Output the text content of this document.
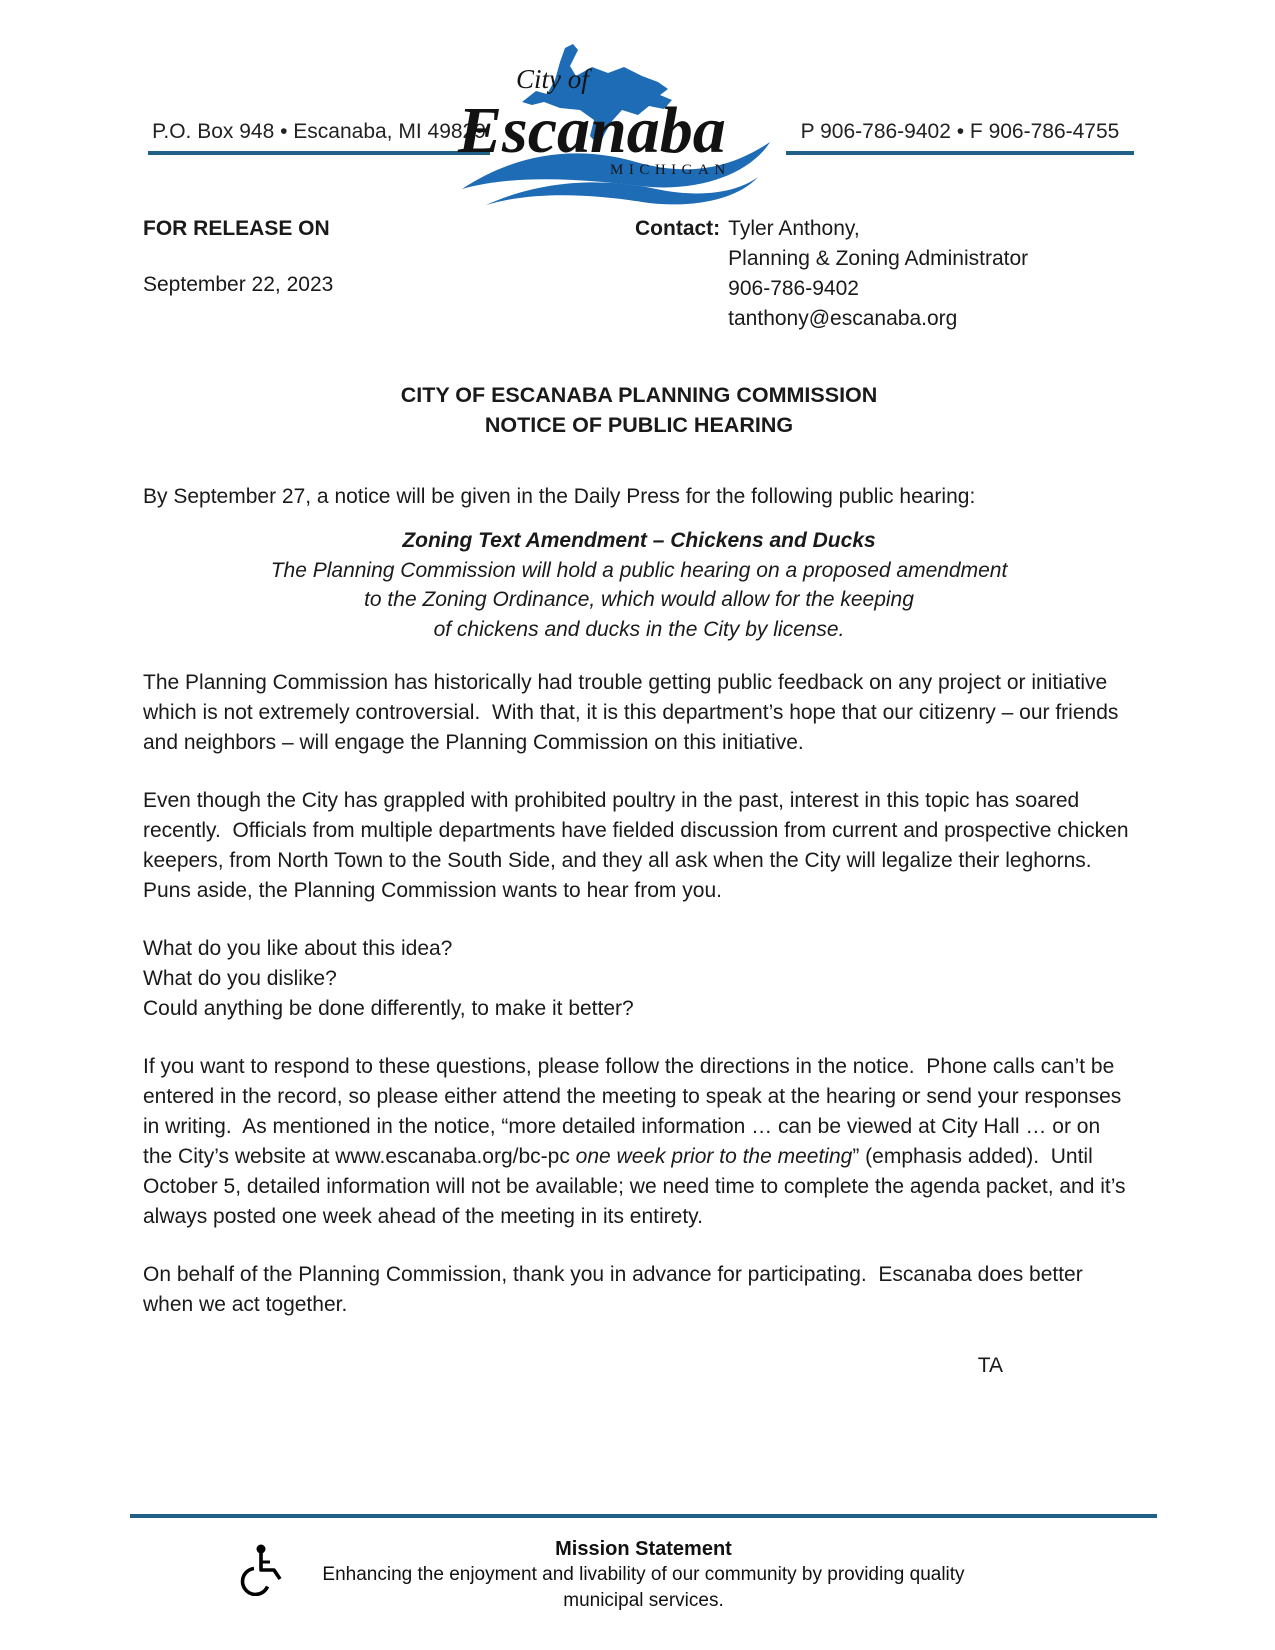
P.O. Box 948 • Escanaba, MI 49829
City of
Escanaba
MICHIGAN
P 906-786-9402 • F 906-786-4755
FOR RELEASE ON
September 22, 2023
Contact: Tyler Anthony,
Planning & Zoning Administrator
906-786-9402
tanthony@escanaba.org
CITY OF ESCANABA PLANNING COMMISSION
NOTICE OF PUBLIC HEARING

By September 27, a notice will be given in the Daily Press for the following public hearing:

Zoning Text Amendment – Chickens and Ducks
The Planning Commission will hold a public hearing on a proposed amendment
to the Zoning Ordinance, which would allow for the keeping
of chickens and ducks in the City by license.

The Planning Commission has historically had trouble getting public feedback on any project or initiative which is not extremely controversial.  With that, it is this department’s hope that our citizenry – our friends and neighbors – will engage the Planning Commission on this initiative.

Even though the City has grappled with prohibited poultry in the past, interest in this topic has soared recently.  Officials from multiple departments have fielded discussion from current and prospective chicken keepers, from North Town to the South Side, and they all ask when the City will legalize their leghorns.  Puns aside, the Planning Commission wants to hear from you.

What do you like about this idea?
What do you dislike?
Could anything be done differently, to make it better?

If you want to respond to these questions, please follow the directions in the notice.  Phone calls can’t be entered in the record, so please either attend the meeting to speak at the hearing or send your responses in writing.  As mentioned in the notice, “more detailed information … can be viewed at City Hall … or on the City’s website at www.escanaba.org/bc-pc one week prior to the meeting” (emphasis added).  Until October 5, detailed information will not be available; we need time to complete the agenda packet, and it’s always posted one week ahead of the meeting in its entirety.

On behalf of the Planning Commission, thank you in advance for participating.  Escanaba does better when we act together.

TA
Mission Statement
Enhancing the enjoyment and livability of our community by providing quality
municipal services.
